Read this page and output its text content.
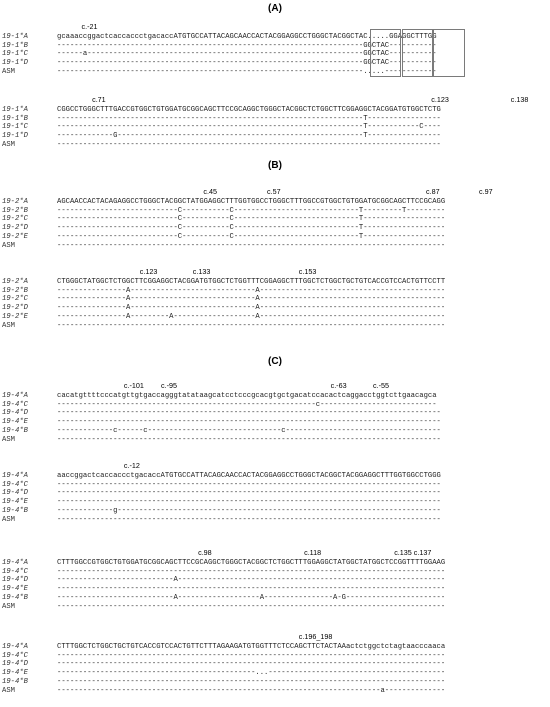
(A)
c.-21
19-1*A	gcaaaccggactcaccaccctgacaccATGTGCCATTACAGCAACCACTACGGAGGCCTGGGCTACGGCTAC.....GGAGGCTTTGG
19-1*B	-----------------------------------------------------------------------GGCTAC-----------
19-1*C	------a----------------------------------------------------------------GGCTAC-----------
19-1*D	-----------------------------------------------------------------------GGCTAC-----------
ASM	-----------------------------------------------------------------------.....------------
c.71	c.123	c.138
19-1*A	CGGCCTGGGCTTTGACCGTGGCTGTGGATGCGGCAGCTTCCGCAGGCTGGGCTACGGCTCTGGCTTCGGAGGCTACGGATGTGGCTCTG
19-1*B	-----------------------------------------------------------------------T-----------------
19-1*C	-----------------------------------------------------------------------T------------C----
19-1*D	-------------G---------------------------------------------------------T-----------------
ASM	-----------------------------------------------------------------------------------------
(B)
c.45	c.57	c.87	c.97
19-2*A	AGCAACCACTACAGAGGCCTGGGCTACGGCTATGGAGGCTTTGGTGGCCTGGGCTTTGGCCGTGGCTGTGGATGCGGCAGCTTCCGCAGG
19-2*B	----------------------------C-----------C-----------------------------T---------T---------
19-2*C	----------------------------C-----------C-----------------------------T-------------------
19-2*D	----------------------------C-----------C-----------------------------T-------------------
19-2*E	----------------------------C-----------C-----------------------------T-------------------
ASM	------------------------------------------------------------------------------------------
c.123	c.133	c.153
19-2*A	CTGGGCTATGGCTCTGGCTTCGGAGGCTACGGATGTGGCTCTGGTTTCGGAGGCTTTGGCTCTGGCTGCTGTCACCGTCCACTGTTCCTT
19-2*B	----------------A-----------------------------A-------------------------------------------
19-2*C	----------------A-----------------------------A-------------------------------------------
19-2*D	----------------A-----------------------------A-------------------------------------------
19-2*E	----------------A---------A-------------------A-------------------------------------------
ASM	------------------------------------------------------------------------------------------
(C)
c.-101 c.-95	c.-63	c.-55
19-4*A	cacatgttttcccatgttgtgaccagggtatataagcatcctcccgcacgtgctgacatccacactcaggacctggtcttgaacagca
19-4*C	------------------------------------------------------------c---------------------------
19-4*D	-----------------------------------------------------------------------------------------
19-4*E	-----------------------------------------------------------------------------------------
19-4*B	-------------c------c-------------------------------c------------------------------------
ASM	-----------------------------------------------------------------------------------------
c.-12
19-4*A	aaccggactcaccaccctgacaccATGTGCCATTACAGCAACCACTACGGAGGCCTGGGCTACGGCTACGGAGGCTTTGGTGGCCTGGG
19-4*C	-----------------------------------------------------------------------------------------
19-4*D	-----------------------------------------------------------------------------------------
19-4*E	-----------------------------------------------------------------------------------------
19-4*B	-------------g---------------------------------------------------------------------------
ASM	-----------------------------------------------------------------------------------------
c.98	c.118	c.135 c.137
19-4*A	CTTTGGCCGTGGCTGTGGATGCGGCAGCTTCCGCAGGCTGGGCTACGGCTCTGGCTTTGGAGGCTATGGCTATGGCTCCGGTTTTGGAAG
19-4*C	------------------------------------------------------------------------------------------
19-4*D	---------------------------A--------------------------------------------------------------
19-4*E	------------------------------------------------------------------------------------------
19-4*B	---------------------------A-------------------A----------------A-G-----------------------
ASM	------------------------------------------------------------------------------------------
c.196_198
19-4*A	CTTTGGCTCTGGCTGCTGTCACCGTCCACTGTTCTTTAGAAGATGTGGTTTCTCCAGCTTCTACTAAactctggctctagtaacccaaca
19-4*C	------------------------------------------------------------------------------------------
19-4*D	------------------------------------------------------------------------------------------
19-4*E	----------------------------------------------...-----------------------------------------
19-4*B	------------------------------------------------------------------------------------------
ASM	---------------------------------------------------------------------------a--------------
